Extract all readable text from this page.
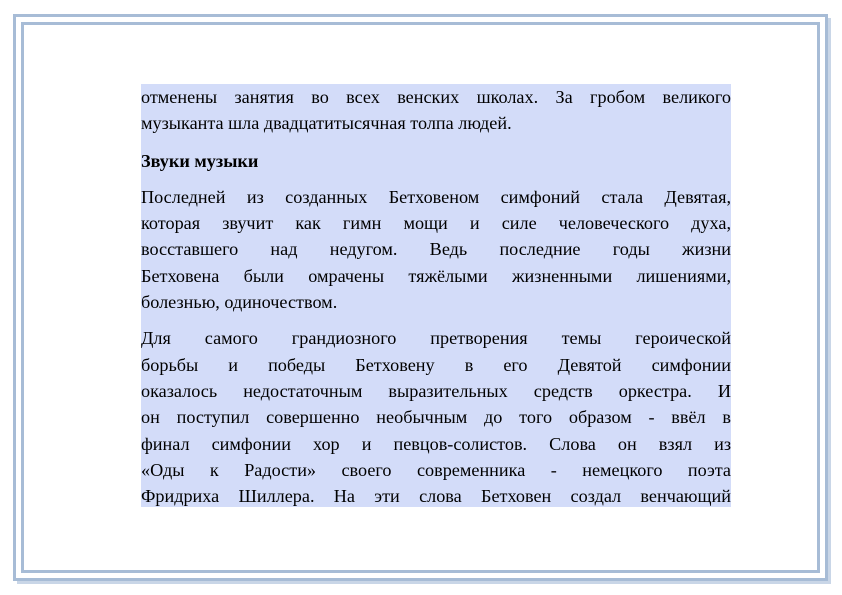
отменены занятия во всех венских школах. За гробом великого
музыканта шла двадцатитысячная толпа людей.

Звуки музыки

Последней из созданных Бетховеном симфоний стала Девятая,
которая звучит как гимн мощи и силе человеческого духа,
восставшего над недугом. Ведь последние годы жизни
Бетховена были омрачены тяжёлыми жизненными лишениями,
болезнью, одиночеством.

Для самого грандиозного претворения темы героической
борьбы и победы Бетховену в его Девятой симфонии
оказалось недостаточным выразительных средств оркестра. И
он поступил совершенно необычным до того образом - ввёл в
финал симфонии хор и певцов-солистов. Слова он взял из
«Оды к Радости» своего современника - немецкого поэта
Фридриха Шиллера. На эти слова Бетховен создал венчающий
